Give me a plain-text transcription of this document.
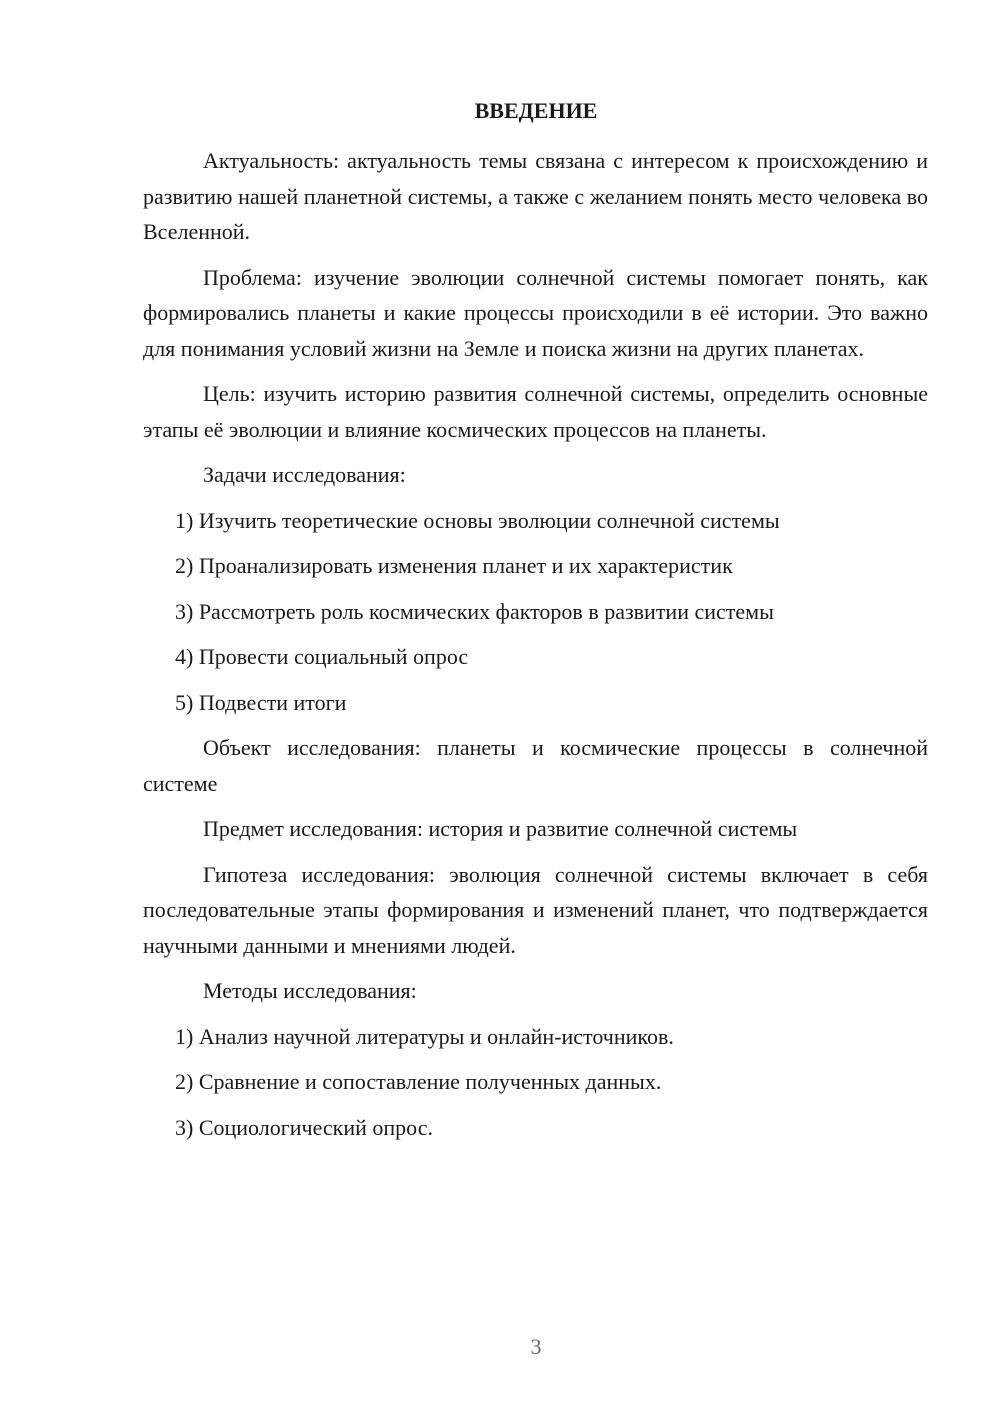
ВВЕДЕНИЕ

Актуальность: актуальность темы связана с интересом к происхождению и развитию нашей планетной системы, а также с желанием понять место человека во Вселенной.

Проблема: изучение эволюции солнечной системы помогает понять, как формировались планеты и какие процессы происходили в её истории. Это важно для понимания условий жизни на Земле и поиска жизни на других планетах.

Цель: изучить историю развития солнечной системы, определить основные этапы её эволюции и влияние космических процессов на планеты.

Задачи исследования:

1) Изучить теоретические основы эволюции солнечной системы
2) Проанализировать изменения планет и их характеристик
3) Рассмотреть роль космических факторов в развитии системы
4) Провести социальный опрос
5) Подвести итоги

Объект исследования: планеты и космические процессы в солнечной системе

Предмет исследования: история и развитие солнечной системы

Гипотеза исследования: эволюция солнечной системы включает в себя последовательные этапы формирования и изменений планет, что подтверждается научными данными и мнениями людей.

Методы исследования:

1) Анализ научной литературы и онлайн-источников.
2) Сравнение и сопоставление полученных данных.
3) Социологический опрос.
3
